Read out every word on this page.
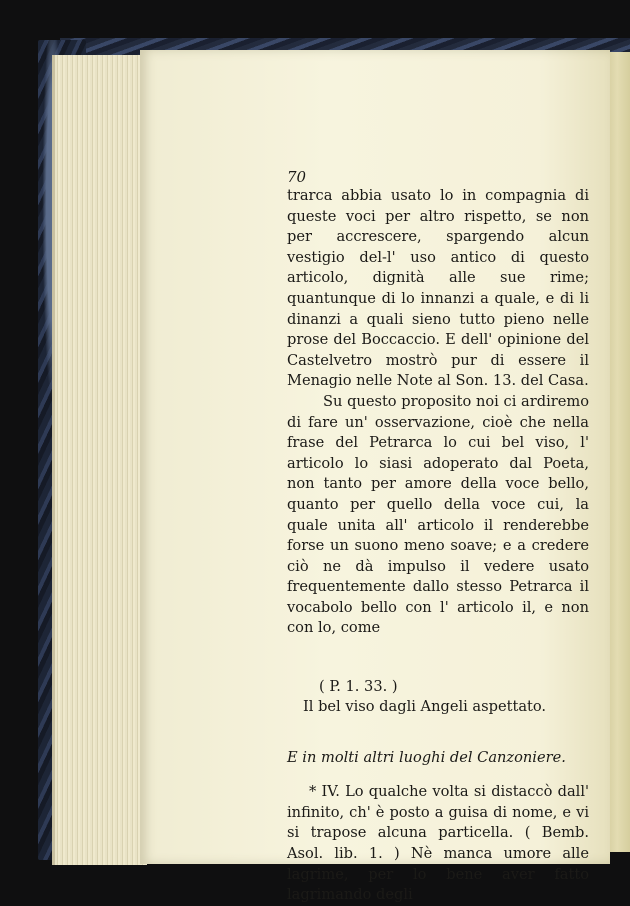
70

trarca abbia usato lo in compagnia di queste voci per altro rispetto, se non per accrescere, spargendo alcun vestigio del-l' uso antico di questo articolo, dignità alle sue rime; quantunque di lo innanzi a quale, e di li dinanzi a quali sieno tutto pieno nelle prose del Boccaccio. E dell' opinione del Castelvetro mostrò pur di essere il Menagio nelle Note al Son. 13. del Casa.

Su questo proposito noi ci ardiremo di fare un' osservazione, cioè che nella frase del Petrarca lo cui bel viso, l' articolo lo siasi adoperato dal Poeta, non tanto per amore della voce bello, quanto per quello della voce cui, la quale unita all' articolo il renderebbe forse un suono meno soave; e a credere ciò ne dà impulso il vedere usato frequentemente dallo stesso Petrarca il vocabolo bello con l' articolo il, e non con lo, come

( P. 1. 33. )

Il bel viso dagli Angeli aspettato.

E in molti altri luoghi del Canzoniere.

* IV. Lo qualche volta si distaccò dall' infinito, ch' è posto a guisa di nome, e vi si trapose alcuna particella. ( Bemb. Asol. lib. 1. ) Nè manca umore alle lagrime, per lo bene aver fatto lagrimando degli
